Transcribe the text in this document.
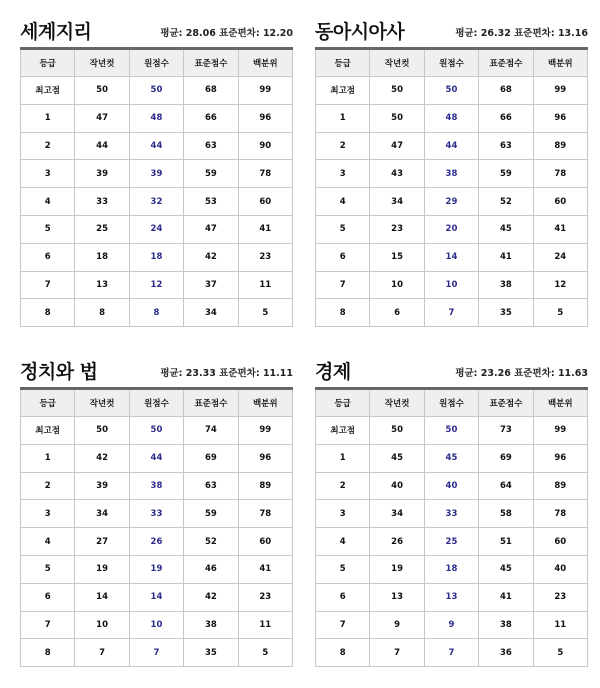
세계지리	평균: 28.06 표준편차: 12.20
등급	작년컷	원점수	표준점수	백분위
최고점	50	50	68	99
1	47	48	66	96
2	44	44	63	90
3	39	39	59	78
4	33	32	53	60
5	25	24	47	41
6	18	18	42	23
7	13	12	37	11
8	8	8	34	5
동아시아사	평균: 26.32 표준편차: 13.16
등급	작년컷	원점수	표준점수	백분위
최고점	50	50	68	99
1	50	48	66	96
2	47	44	63	89
3	43	38	59	78
4	34	29	52	60
5	23	20	45	41
6	15	14	41	24
7	10	10	38	12
8	6	7	35	5
정치와 법	평균: 23.33 표준편차: 11.11
등급	작년컷	원점수	표준점수	백분위
최고점	50	50	74	99
1	42	44	69	96
2	39	38	63	89
3	34	33	59	78
4	27	26	52	60
5	19	19	46	41
6	14	14	42	23
7	10	10	38	11
8	7	7	35	5
경제	평균: 23.26 표준편차: 11.63
등급	작년컷	원점수	표준점수	백분위
최고점	50	50	73	99
1	45	45	69	96
2	40	40	64	89
3	34	33	58	78
4	26	25	51	60
5	19	18	45	40
6	13	13	41	23
7	9	9	38	11
8	7	7	36	5
